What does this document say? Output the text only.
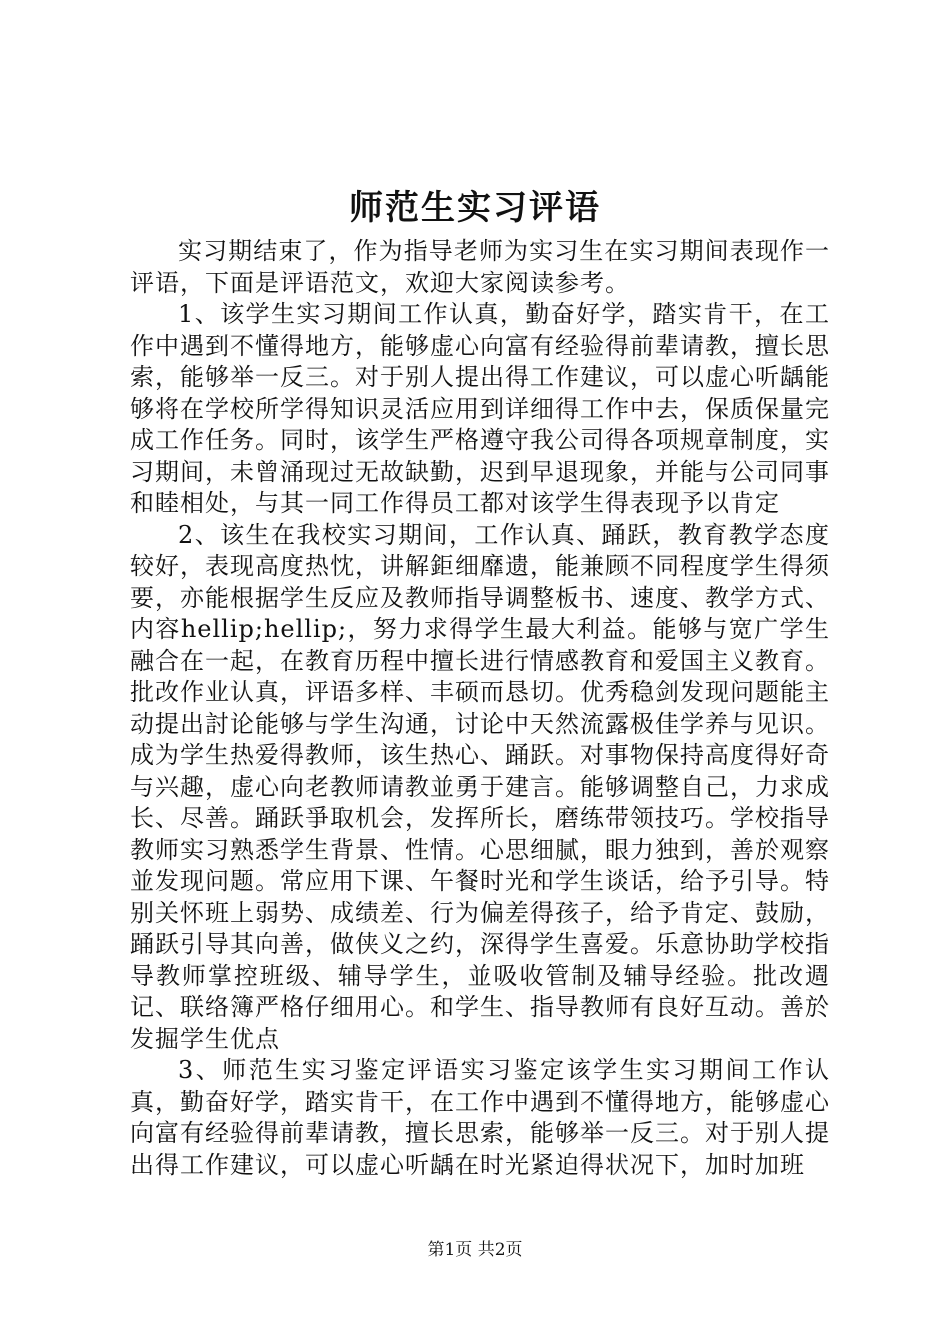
师范生实习评语

实习期结束了，作为指导老师为实习生在实习期间表现作一评语，下面是评语范文，欢迎大家阅读参考。

1、该学生实习期间工作认真，勤奋好学，踏实肯干，在工作中遇到不懂得地方，能够虚心向富有经验得前辈请教，擅长思索，能够举一反三。对于别人提出得工作建议，可以虚心听龋能够将在学校所学得知识灵活应用到详细得工作中去，保质保量完成工作任务。同时，该学生严格遵守我公司得各项规章制度，实习期间，未曾涌现过无故缺勤，迟到早退现象，并能与公司同事和睦相处，与其一同工作得员工都对该学生得表现予以肯定

2、该生在我校实习期间，工作认真、踊跃，教育教学态度较好，表现高度热忱，讲解鉅细靡遗，能兼顾不同程度学生得须要，亦能根据学生反应及教师指导调整板书、速度、教学方式、内容hellip;hellip;，努力求得学生最大利益。能够与宽广学生融合在一起，在教育历程中擅长进行情感教育和爱国主义教育。批改作业认真，评语多样、丰硕而恳切。优秀稳剑发现问题能主动提出討论能够与学生沟通，讨论中天然流露极佳学养与见识。成为学生热爱得教师，该生热心、踊跃。对事物保持高度得好奇与兴趣，虚心向老教师请教並勇于建言。能够调整自己，力求成长、尽善。踊跃爭取机会，发挥所长，磨练带领技巧。学校指导教师实习熟悉学生背景、性情。心思细腻，眼力独到，善於观察並发现问题。常应用下课、午餐时光和学生谈话，给予引导。特别关怀班上弱势、成绩差、行为偏差得孩子，给予肯定、鼓励，踊跃引导其向善，做侠义之约，深得学生喜爱。乐意协助学校指导教师掌控班级、辅导学生，並吸收管制及辅导经验。批改週记、联络簿严格仔细用心。和学生、指导教师有良好互动。善於发掘学生优点

3、师范生实习鉴定评语实习鉴定该学生实习期间工作认真，勤奋好学，踏实肯干，在工作中遇到不懂得地方，能够虚心向富有经验得前辈请教，擅长思索，能够举一反三。对于别人提出得工作建议，可以虚心听龋在时光紧迫得状况下，加时加班

第1页 共2页
